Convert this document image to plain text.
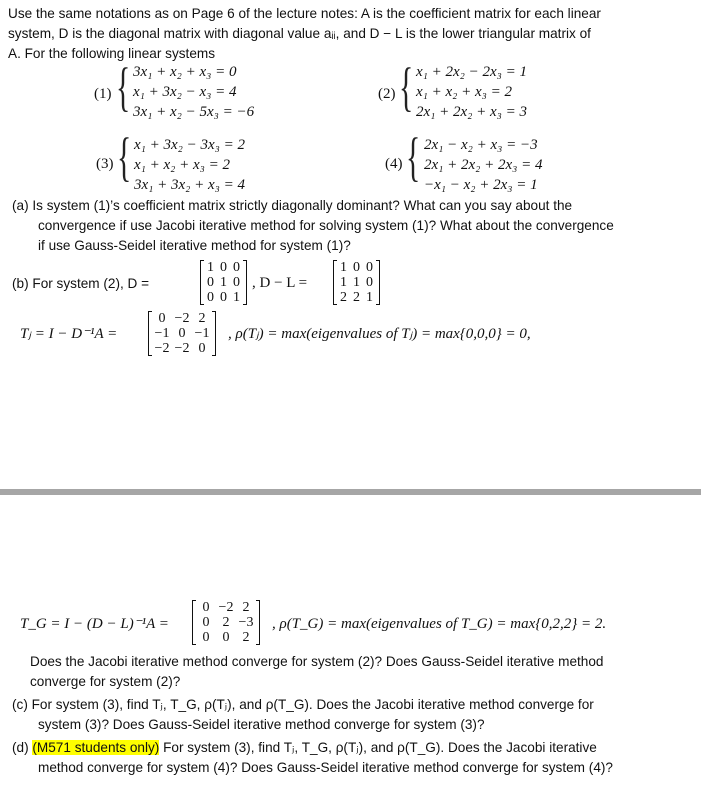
Use the same notations as on Page 6 of the lecture notes: A is the coefficient matrix for each linear
system, D is the diagonal matrix with diagonal value aᵢᵢ, and D − L is the lower triangular matrix of
A. For the following linear systems
(1) { 3x₁ + x₂ + x₃ = 0
x₁ + 3x₂ − x₃ = 4
3x₁ + x₂ − 5x₃ = −6
(2) { x₁ + 2x₂ − 2x₃ = 1
x₁ + x₂ + x₃ = 2
2x₁ + 2x₂ + x₃ = 3
(3) { x₁ + 3x₂ − 3x₃ = 2
x₁ + x₂ + x₃ = 2
3x₁ + 3x₂ + x₃ = 4
(4) { 2x₁ − x₂ + x₃ = −3
2x₁ + 2x₂ + 2x₃ = 4
−x₁ − x₂ + 2x₃ = 1
(a) Is system (1)’s coefficient matrix strictly diagonally dominant? What can you say about the
convergence if use Jacobi iterative method for solving system (1)? What about the convergence
if use Gauss-Seidel iterative method for system (1)?
(b) For system (2), D =
1 0 0
0 1 0
0 0 1
, D − L =
1 0 0
1 1 0
2 2 1
Tⱼ = I − D⁻¹A =
0 −2 2
−1 0 −1
−2 −2 0
, ρ(Tⱼ) = max(eigenvalues of Tⱼ) = max{0,0,0} = 0,
T_G = I − (D − L)⁻¹A =
0 −2 2
0 2 −3
0 0 2
, ρ(T_G) = max(eigenvalues of T_G) = max{0,2,2} = 2.
Does the Jacobi iterative method converge for system (2)? Does Gauss-Seidel iterative method
converge for system (2)?
(c) For system (3), find Tⱼ, T_G, ρ(Tⱼ), and ρ(T_G). Does the Jacobi iterative method converge for
system (3)? Does Gauss-Seidel iterative method converge for system (3)?
(d) (M571 students only) For system (3), find Tⱼ, T_G, ρ(Tⱼ), and ρ(T_G). Does the Jacobi iterative
method converge for system (4)? Does Gauss-Seidel iterative method converge for system (4)?
